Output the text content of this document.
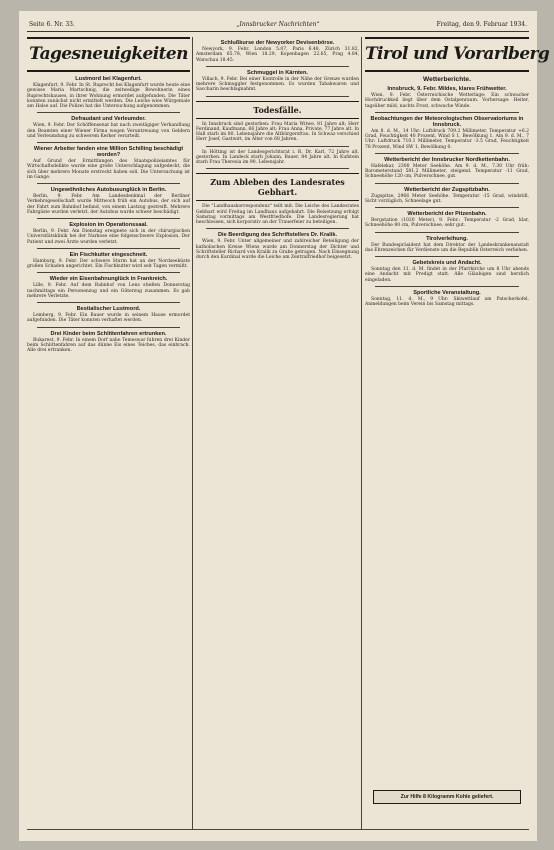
Seite 6. Nr. 33.	„Innsbrucker Nachrichten“	Freitag, den 9. Februar 1934.
Tagesneuigkeiten
Lustmord bei Klagenfurt.

Klagenfurt, 9. Febr. In St. Ruprecht bei Klagenfurt wurde heute eine gewisse Maria Martschnig, die zeitweilige Bewohnerin eines Ruprechtshauses, in ihrer Wohnung ermordet aufgefunden. Die Täter konnten zunächst nicht ermittelt werden. Die Leiche wies Würgemale am Halse auf. Die Polizei hat die Untersuchung aufgenommen.

Defraudant und Verleumder.

Wien, 9. Febr. Der Schöffensenat hat nach zweitägiger Verhandlung den Beamten einer Wiener Firma wegen Veruntreuung von Geldern und Verleumdung zu schwerem Kerker verurteilt.

Wiener Arbeiter fanden eine Million Schilling beschädigt worden?

Auf Grund der Ermittlungen des Staatspolizeiamtes für Wirtschaftsdelikte wurde eine große Unterschlagung aufgedeckt, die sich über mehrere Monate erstreckt haben soll. Die Untersuchung ist im Gange.

Ungewöhnliches Autobusunglück in Berlin.

Berlin, 9. Febr. Am Landesdenkmal der Berliner Verkehrsgesellschaft wurde Mittwoch früh ein Autobus, der sich auf der Fahrt zum Bahnhof befand, von einem Lastzug gestreift. Mehrere Fahrgäste wurden verletzt, der Autobus wurde schwer beschädigt.

Explosion im Operationssaal.

Berlin, 9. Febr. Am Dienstag ereignete sich in der chirurgischen Universitätsklinik bei der Narkose eine folgenschwere Explosion. Der Patient und zwei Ärzte wurden verletzt.

Ein Fischkutter eingeschneit.

Hamburg, 9. Febr. Der schwere Sturm hat an der Nordseeküste großen Schaden angerichtet. Ein Fischkutter wird seit Tagen vermißt.

Wieder ein Eisenbahnunglück in Frankreich.

Lille, 9. Febr. Auf dem Bahnhof von Lens stießen Donnerstag nachmittags ein Personenzug und ein Güterzug zusammen. Es gab mehrere Verletzte.

Bestialischer Lustmord.

Lemberg, 9. Febr. Ein Bauer wurde in seinem Hause ermordet aufgefunden. Die Täter konnten verhaftet werden.

Drei Kinder beim Schlittenfahren ertrunken.

Bukarest, 9. Febr. In einem Dorf nahe Temeswar fuhren drei Kinder beim Schlittenfahren auf das dünne Eis eines Teiches, das einbrach. Alle drei ertranken.

Schlußkurse der Newyorker Devisenbörse.

Newyork, 9. Febr. London 5.07, Paris 6.48, Zürich 31.82, Amsterdam 65.78, Wien 18.29, Kopenhagen 22.65, Prag 4.84, Warschau 18.45.

Schmuggel in Kärnten.

Villach, 9. Febr. Bei einer Kontrolle in der Nähe der Grenze wurden mehrere Schmuggler festgenommen. Es wurden Tabakwaren und Saccharin beschlagnahmt.

Todesfälle.

In Innsbruck sind gestorben: Frau Maria Witwe, 81 Jahre alt; Herr Ferdinand, Kaufmann, 66 Jahre alt; Frau Anna, Private, 77 Jahre alt. In Hall starb im 80. Lebensjahre die Altbürgersfrau. In Schwaz verschied Herr Josef, Gastwirt, im Alter von 68 Jahren.

In Hötting ist der Landesgerichtsrat i. R. Dr. Karl, 72 Jahre alt, gestorben. In Landeck starb Johann, Bauer, 84 Jahre alt. In Kufstein starb Frau Theresia im 90. Lebensjahr.

Zum Ableben des Landesrates Gebhart.

Die "Landhauskorrespondenz" teilt mit: Die Leiche des Landesrates Gebhart wird Freitag im Landhaus aufgebahrt. Die Beisetzung erfolgt Samstag vormittags am Westfriedhofe. Die Landesregierung hat beschlossen, sich korporativ an der Trauerfeier zu beteiligen.

Die Beerdigung des Schriftstellers Dr. Kralik.

Wien, 9. Febr. Unter allgemeiner und zahlreicher Beteiligung der katholischen Kreise Wiens wurde am Donnerstag der Dichter und Schriftsteller Richard von Kralik zu Grabe getragen. Nach Einsegnung durch den Kardinal wurde die Leiche am Zentralfriedhof beigesetzt.

Tirol und Vorarlberg
Wetterberichte.
Innsbruck, 9. Febr. Mildes, klares Frühwetter.

Wien, 9. Febr. Österreichische Wetterlage: Ein schwacher Hochdruckkeil liegt über dem Ostalpenraum. Vorhersage: Heiter, tagsüber mild, nachts Frost, schwache Winde.

Beobachtungen der Meteorologischen Observatoriums in Innsbruck.

Am 8. d. M., 14 Uhr: Luftdruck 709.2 Millimeter, Temperatur +6.2 Grad, Feuchtigkeit 40 Prozent, Wind S 1, Bewölkung 1. Am 9. d. M., 7 Uhr: Luftdruck 710.1 Millimeter, Temperatur -3.5 Grad, Feuchtigkeit 78 Prozent, Wind SW 1, Bewölkung 0.

Wetterbericht der Innsbrucker Nordkettenbahn.

Hafelekar, 2300 Meter Seehöhe. Am 9. d. M., 7.30 Uhr früh: Barometerstand 581.2 Millimeter, steigend. Temperatur -11 Grad, Schneehöhe 120 cm, Pulverschnee, gut.

Wetterbericht der Zugspitzbahn.

Zugspitze, 2966 Meter Seehöhe. Temperatur -15 Grad, windstill, Sicht vorzüglich, Schneelage gut.

Wetterbericht der Pitzenbahn.

Bergstation (1020 Meter), 9. Febr.: Temperatur -2 Grad, klar, Schneehöhe 80 cm, Pulverschnee, sehr gut.

Tirolverleihung.

Der Bundespräsident hat dem Direktor der Landeskrankenanstalt das Ehrenzeichen für Verdienste um die Republik Österreich verliehen.

Gebetskreis und Andacht.

Sonntag den 11. d. M. findet in der Pfarrkirche um 8 Uhr abends eine Andacht mit Predigt statt. Alle Gläubigen sind herzlich eingeladen.

Sportliche Veranstaltung.

Sonntag, 11. d. M., 9 Uhr: Skiwettlauf am Patscherkofel. Anmeldungen beim Verein bis Samstag mittags.

Zur Hilfe 8 Kilogramm Kohle geliefert.
